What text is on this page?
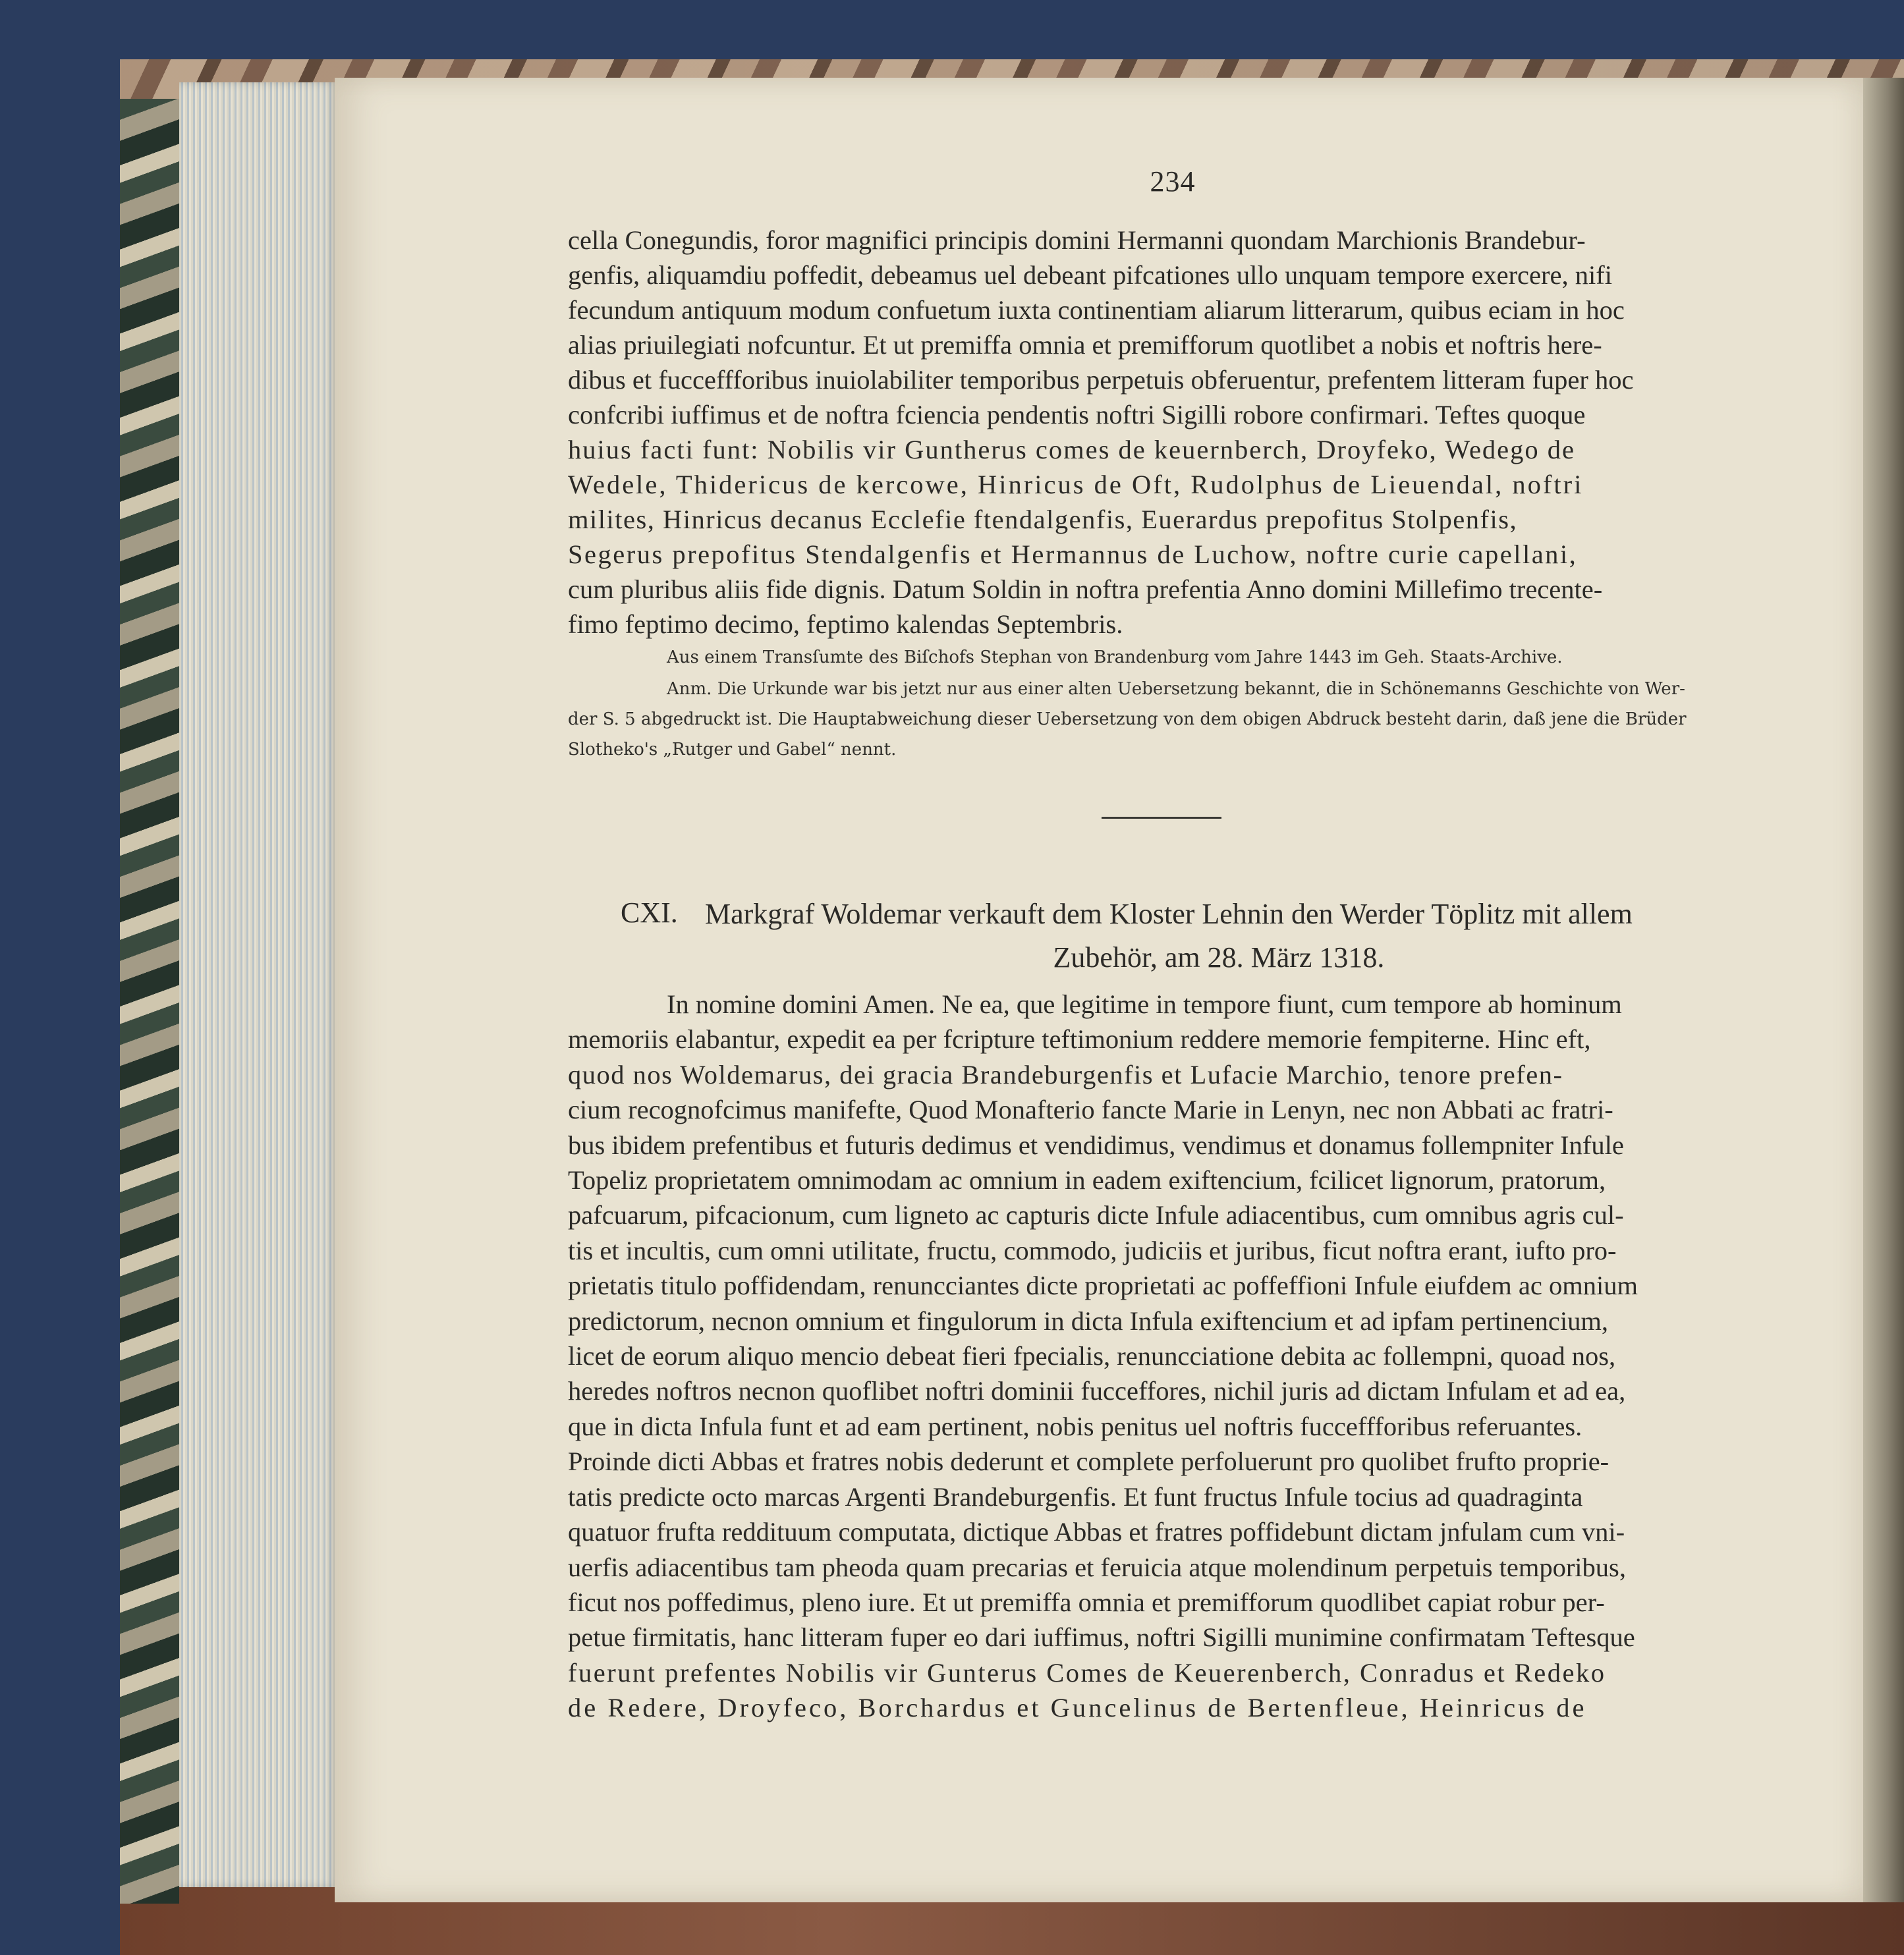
234
cella Conegundis, foror magnifici principis domini Hermanni quondam Marchionis Brandebur-
genfis, aliquamdiu poffedit, debeamus uel debeant pifcationes ullo unquam tempore exercere, nifi
fecundum antiquum modum confuetum iuxta continentiam aliarum litterarum, quibus eciam in hoc
alias priuilegiati nofcuntur. Et ut premiffa omnia et premifforum quotlibet a nobis et noftris here-
dibus et fucceffforibus inuiolabiliter temporibus perpetuis obferuentur, prefentem litteram fuper hoc
confcribi iuffimus et de noftra fciencia pendentis noftri Sigilli robore confirmari. Teftes quoque
huius facti funt: Nobilis vir Guntherus comes de keuernberch, Droyfeko, Wedego de
Wedele, Thidericus de kercowe, Hinricus de Oft, Rudolphus de Lieuendal, noftri
milites, Hinricus decanus Ecclefie ftendalgenfis, Euerardus prepofitus Stolpenfis,
Segerus prepofitus Stendalgenfis et Hermannus de Luchow, noftre curie capellani,
cum pluribus aliis fide dignis. Datum Soldin in noftra prefentia Anno domini Millefimo trecente-
fimo feptimo decimo, feptimo kalendas Septembris.
Aus einem Transſumte des Biſchofs Stephan von Brandenburg vom Jahre 1443 im Geh. Staats-Archive.
Anm. Die Urkunde war bis jetzt nur aus einer alten Uebersetzung bekannt, die in Schönemanns Geschichte von Wer-
der S. 5 abgedruckt ist. Die Hauptabweichung dieser Uebersetzung von dem obigen Abdruck besteht darin, daß jene die Brüder
Slotheko's „Rutger und Gabel“ nennt.
CXI. Markgraf Woldemar verkauft dem Kloster Lehnin den Werder Töplitz mit allem
Zubehör, am 28. März 1318.
In nomine domini Amen. Ne ea, que legitime in tempore fiunt, cum tempore ab hominum
memoriis elabantur, expedit ea per fcripture teftimonium reddere memorie fempiterne. Hinc eft,
quod nos Woldemarus, dei gracia Brandeburgenfis et Lufacie Marchio, tenore prefen-
cium recognofcimus manifefte, Quod Monafterio fancte Marie in Lenyn, nec non Abbati ac fratri-
bus ibidem prefentibus et futuris dedimus et vendidimus, vendimus et donamus follempniter Infule
Topeliz proprietatem omnimodam ac omnium in eadem exiftencium, fcilicet lignorum, pratorum,
pafcuarum, pifcacionum, cum ligneto ac capturis dicte Infule adiacentibus, cum omnibus agris cul-
tis et incultis, cum omni utilitate, fructu, commodo, judiciis et juribus, ficut noftra erant, iufto pro-
prietatis titulo poffidendam, renuncciantes dicte proprietati ac poffeffioni Infule eiufdem ac omnium
predictorum, necnon omnium et fingulorum in dicta Infula exiftencium et ad ipfam pertinencium,
licet de eorum aliquo mencio debeat fieri fpecialis, renuncciatione debita ac follempni, quoad nos,
heredes noftros necnon quoflibet noftri dominii fucceffores, nichil juris ad dictam Infulam et ad ea,
que in dicta Infula funt et ad eam pertinent, nobis penitus uel noftris fucceffforibus referuantes.
Proinde dicti Abbas et fratres nobis dederunt et complete perfoluerunt pro quolibet frufto proprie-
tatis predicte octo marcas Argenti Brandeburgenfis. Et funt fructus Infule tocius ad quadraginta
quatuor frufta reddituum computata, dictique Abbas et fratres poffidebunt dictam jnfulam cum vni-
uerfis adiacentibus tam pheoda quam precarias et feruicia atque molendinum perpetuis temporibus,
ficut nos poffedimus, pleno iure. Et ut premiffa omnia et premifforum quodlibet capiat robur per-
petue firmitatis, hanc litteram fuper eo dari iuffimus, noftri Sigilli munimine confirmatam Teftesque
fuerunt prefentes Nobilis vir Gunterus Comes de Keuerenberch, Conradus et Redeko
de Redere, Droyfeco, Borchardus et Guncelinus de Bertenfleue, Heinricus de
